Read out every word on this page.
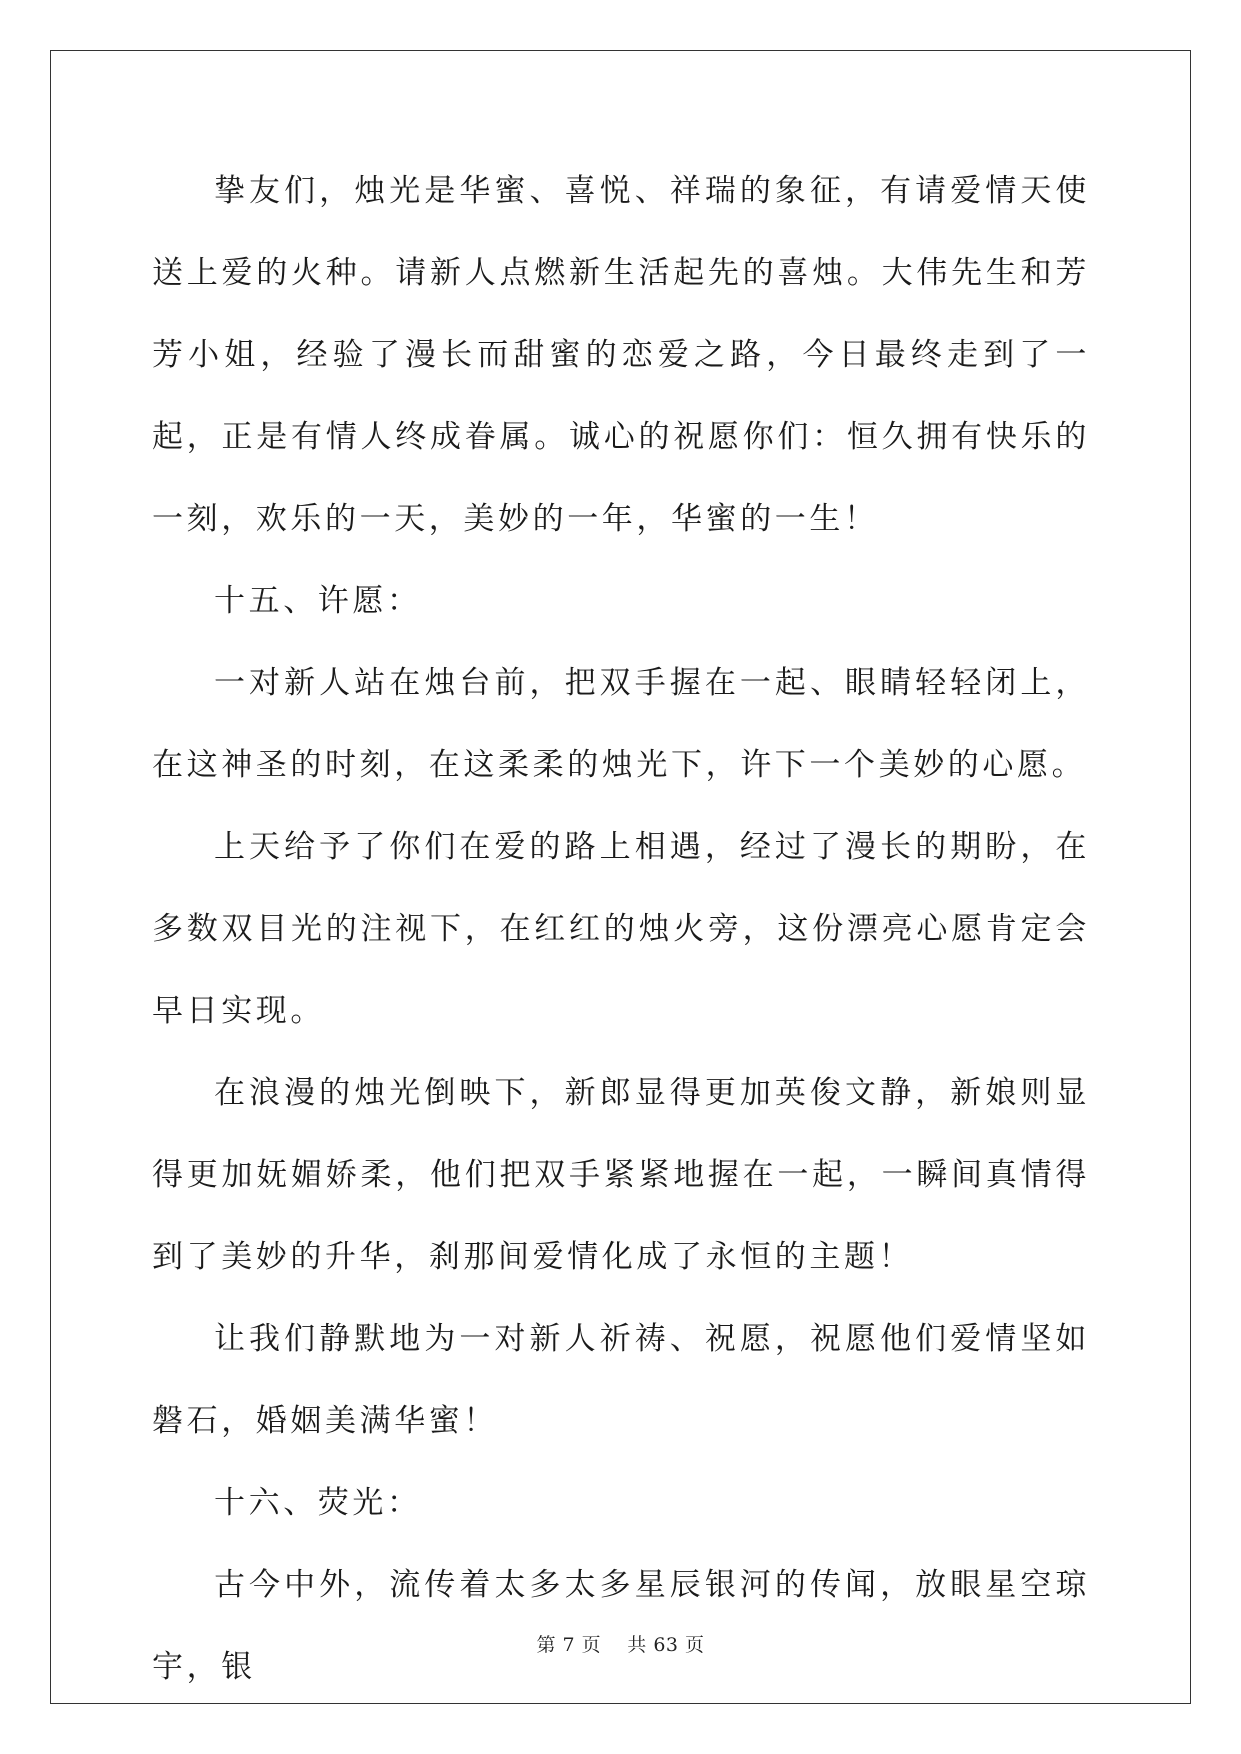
挚友们，烛光是华蜜、喜悦、祥瑞的象征，有请爱情天使送上爱的火种。请新人点燃新生活起先的喜烛。大伟先生和芳芳小姐，经验了漫长而甜蜜的恋爱之路，今日最终走到了一起，正是有情人终成眷属。诚心的祝愿你们：恒久拥有快乐的一刻，欢乐的一天，美妙的一年，华蜜的一生！

十五、许愿：

一对新人站在烛台前，把双手握在一起、眼睛轻轻闭上，在这神圣的时刻，在这柔柔的烛光下，许下一个美妙的心愿。

上天给予了你们在爱的路上相遇，经过了漫长的期盼，在多数双目光的注视下，在红红的烛火旁，这份漂亮心愿肯定会早日实现。

在浪漫的烛光倒映下，新郎显得更加英俊文静，新娘则显得更加妩媚娇柔，他们把双手紧紧地握在一起，一瞬间真情得到了美妙的升华，刹那间爱情化成了永恒的主题！

让我们静默地为一对新人祈祷、祝愿，祝愿他们爱情坚如磐石，婚姻美满华蜜！

十六、荧光：

古今中外，流传着太多太多星辰银河的传闻，放眼星空琼宇，银

第 7 页 共 63 页
